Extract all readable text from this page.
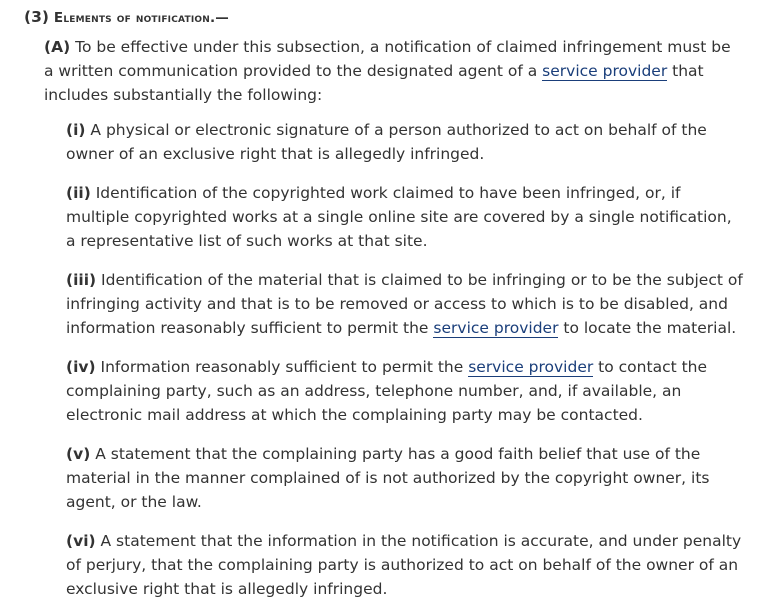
(3) Elements of notification.—

(A) To be effective under this subsection, a notification of claimed infringement must be a written communication provided to the designated agent of a service provider that includes substantially the following:

(i) A physical or electronic signature of a person authorized to act on behalf of the owner of an exclusive right that is allegedly infringed.

(ii) Identification of the copyrighted work claimed to have been infringed, or, if multiple copyrighted works at a single online site are covered by a single notification, a representative list of such works at that site.

(iii) Identification of the material that is claimed to be infringing or to be the subject of infringing activity and that is to be removed or access to which is to be disabled, and information reasonably sufficient to permit the service provider to locate the material.

(iv) Information reasonably sufficient to permit the service provider to contact the complaining party, such as an address, telephone number, and, if available, an electronic mail address at which the complaining party may be contacted.

(v) A statement that the complaining party has a good faith belief that use of the material in the manner complained of is not authorized by the copyright owner, its agent, or the law.

(vi) A statement that the information in the notification is accurate, and under penalty of perjury, that the complaining party is authorized to act on behalf of the owner of an exclusive right that is allegedly infringed.
